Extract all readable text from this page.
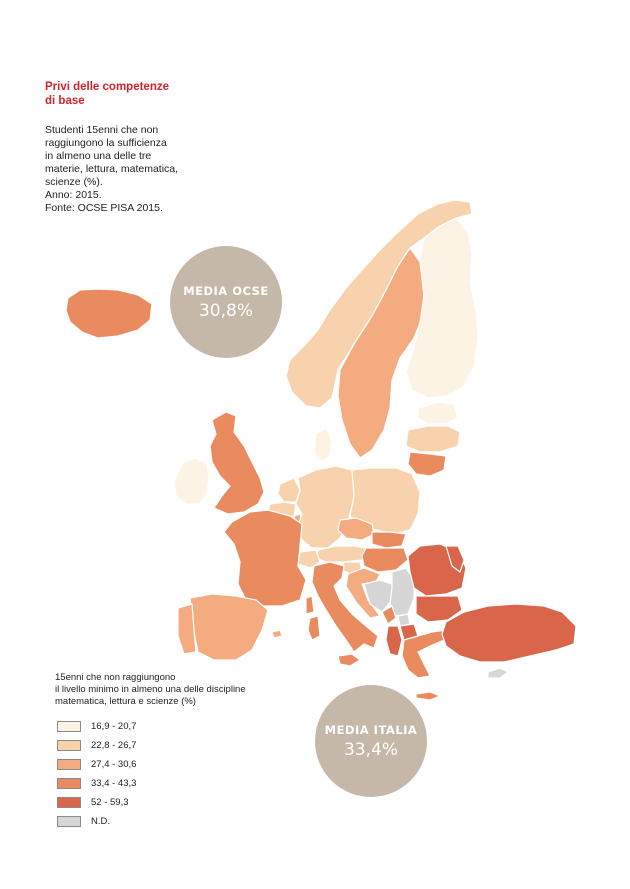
Privi delle competenze
di base
Studenti 15enni che non
raggiungono la sufficienza
in almeno una delle tre
materie, lettura, matematica,
scienze (%).
Anno: 2015.
Fonte: OCSE PISA 2015.
MEDIA OCSE
30,8%
MEDIA ITALIA
33,4%
15enni che non raggiungono
il livello minimo in almeno una delle discipline
matematica, lettura e scienze (%)
16,9 - 20,7
22,8 - 26,7
27,4 - 30,6
33,4 - 43,3
52 - 59,3
N.D.
